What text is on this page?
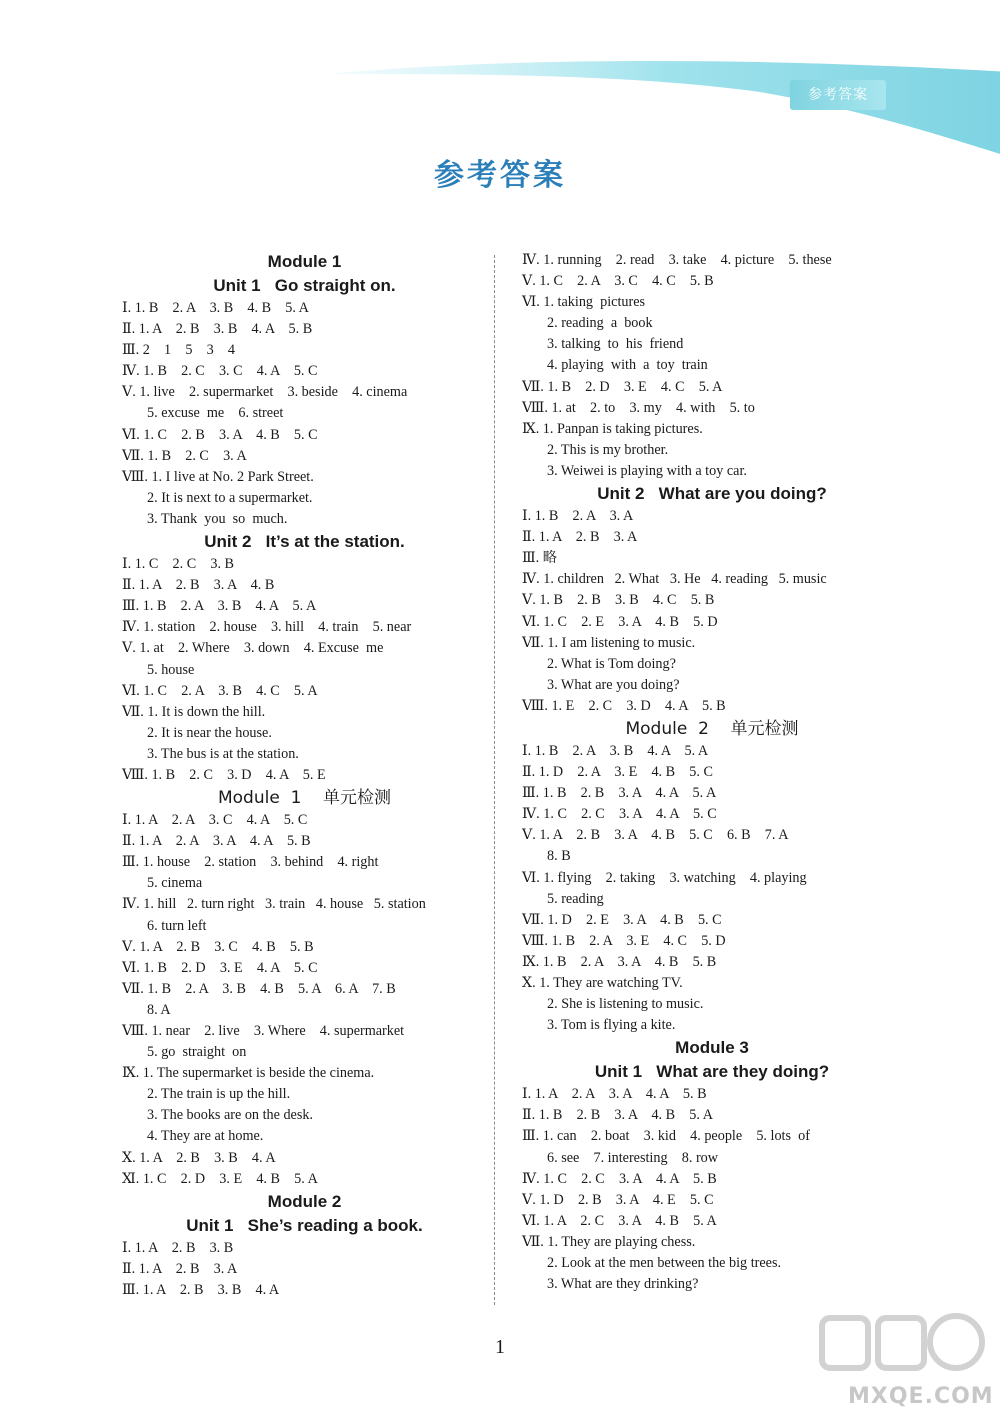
参考答案
参考答案
Module 1
Unit 1   Go straight on.
Ⅰ. 1. B    2. A    3. B    4. B    5. A
Ⅱ. 1. A    2. B    3. B    4. A    5. B
Ⅲ. 2    1    5    3    4
Ⅳ. 1. B    2. C    3. C    4. A    5. C
Ⅴ. 1. live    2. supermarket    3. beside    4. cinema
5. excuse  me    6. street
Ⅵ. 1. C    2. B    3. A    4. B    5. C
Ⅶ. 1. B    2. C    3. A
Ⅷ. 1. I live at No. 2 Park Street.
2. It is next to a supermarket.
3. Thank  you  so  much.
Unit 2   It’s at the station.
Ⅰ. 1. C    2. C    3. B
Ⅱ. 1. A    2. B    3. A    4. B
Ⅲ. 1. B    2. A    3. B    4. A    5. A
Ⅳ. 1. station    2. house    3. hill    4. train    5. near
Ⅴ. 1. at    2. Where    3. down    4. Excuse  me
5. house
Ⅵ. 1. C    2. A    3. B    4. C    5. A
Ⅶ. 1. It is down the hill.
2. It is near the house.
3. The bus is at the station.
Ⅷ. 1. B    2. C    3. D    4. A    5. E
Module  1    单元检测
Ⅰ. 1. A    2. A    3. C    4. A    5. C
Ⅱ. 1. A    2. A    3. A    4. A    5. B
Ⅲ. 1. house    2. station    3. behind    4. right
5. cinema
Ⅳ. 1. hill   2. turn right   3. train   4. house   5. station
6. turn left
Ⅴ. 1. A    2. B    3. C    4. B    5. B
Ⅵ. 1. B    2. D    3. E    4. A    5. C
Ⅶ. 1. B    2. A    3. B    4. B    5. A    6. A    7. B
8. A
Ⅷ. 1. near    2. live    3. Where    4. supermarket
5. go  straight  on
Ⅸ. 1. The supermarket is beside the cinema.
2. The train is up the hill.
3. The books are on the desk.
4. They are at home.
Ⅹ. 1. A    2. B    3. B    4. A
Ⅺ. 1. C    2. D    3. E    4. B    5. A
Module 2
Unit 1   She’s reading a book.
Ⅰ. 1. A    2. B    3. B
Ⅱ. 1. A    2. B    3. A
Ⅲ. 1. A    2. B    3. B    4. A
Ⅳ. 1. running    2. read    3. take    4. picture    5. these
Ⅴ. 1. C    2. A    3. C    4. C    5. B
Ⅵ. 1. taking  pictures
2. reading  a  book
3. talking  to  his  friend
4. playing  with  a  toy  train
Ⅶ. 1. B    2. D    3. E    4. C    5. A
Ⅷ. 1. at    2. to    3. my    4. with    5. to
Ⅸ. 1. Panpan is taking pictures.
2. This is my brother.
3. Weiwei is playing with a toy car.
Unit 2   What are you doing?
Ⅰ. 1. B    2. A    3. A
Ⅱ. 1. A    2. B    3. A
Ⅲ. 略
Ⅳ. 1. children   2. What   3. He   4. reading   5. music
Ⅴ. 1. B    2. B    3. B    4. C    5. B
Ⅵ. 1. C    2. E    3. A    4. B    5. D
Ⅶ. 1. I am listening to music.
2. What is Tom doing?
3. What are you doing?
Ⅷ. 1. E    2. C    3. D    4. A    5. B
Module  2    单元检测
Ⅰ. 1. B    2. A    3. B    4. A    5. A
Ⅱ. 1. D    2. A    3. E    4. B    5. C
Ⅲ. 1. B    2. B    3. A    4. A    5. A
Ⅳ. 1. C    2. C    3. A    4. A    5. C
Ⅴ. 1. A    2. B    3. A    4. B    5. C    6. B    7. A
8. B
Ⅵ. 1. flying    2. taking    3. watching    4. playing
5. reading
Ⅶ. 1. D    2. E    3. A    4. B    5. C
Ⅷ. 1. B    2. A    3. E    4. C    5. D
Ⅸ. 1. B    2. A    3. A    4. B    5. B
Ⅹ. 1. They are watching TV.
2. She is listening to music.
3. Tom is flying a kite.
Module 3
Unit 1   What are they doing?
Ⅰ. 1. A    2. A    3. A    4. A    5. B
Ⅱ. 1. B    2. B    3. A    4. B    5. A
Ⅲ. 1. can    2. boat    3. kid    4. people    5. lots  of
6. see    7. interesting    8. row
Ⅳ. 1. C    2. C    3. A    4. A    5. B
Ⅴ. 1. D    2. B    3. A    4. E    5. C
Ⅵ. 1. A    2. C    3. A    4. B    5. A
Ⅶ. 1. They are playing chess.
2. Look at the men between the big trees.
3. What are they drinking?
1
MXQE.COM
